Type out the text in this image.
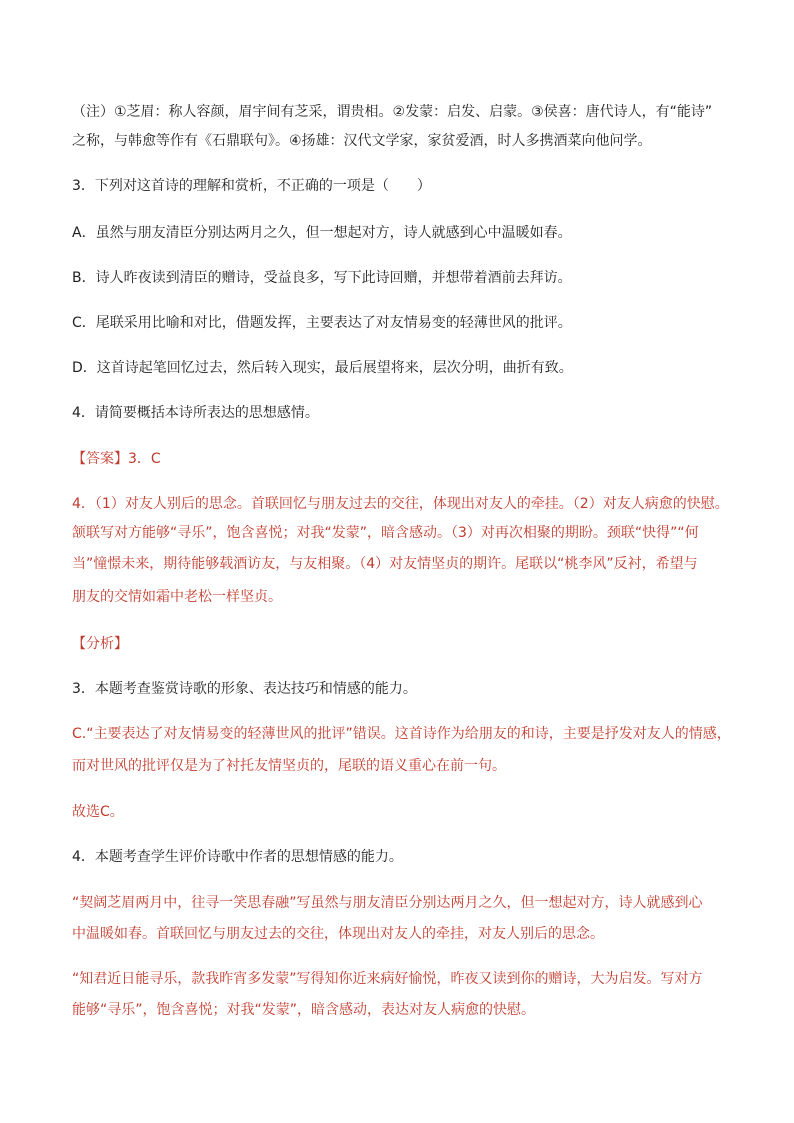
（注）①芝眉：称人容颜，眉宇间有芝采，谓贵相。②发蒙：启发、启蒙。③侯喜：唐代诗人，有“能诗”

之称，与韩愈等作有《石鼎联句》。④扬雄：汉代文学家，家贫爱酒，时人多携酒菜向他问学。

3．下列对这首诗的理解和赏析，不正确的一项是（　　）

A．虽然与朋友清臣分别达两月之久，但一想起对方，诗人就感到心中温暖如春。

B．诗人昨夜读到清臣的赠诗，受益良多，写下此诗回赠，并想带着酒前去拜访。

C．尾联采用比喻和对比，借题发挥，主要表达了对友情易变的轻薄世风的批评。

D．这首诗起笔回忆过去，然后转入现实，最后展望将来，层次分明，曲折有致。

4．请简要概括本诗所表达的思想感情。

【答案】3．C

4．（1）对友人别后的思念。首联回忆与朋友过去的交往，体现出对友人的牵挂。（2）对友人病愈的快慰。

颔联写对方能够“寻乐”，饱含喜悦；对我“发蒙”，暗含感动。（3）对再次相聚的期盼。颈联“快得”“何

当”憧憬未来，期待能够载酒访友，与友相聚。（4）对友情坚贞的期许。尾联以“桃李风”反衬，希望与

朋友的交情如霜中老松一样坚贞。

【分析】

3．本题考查鉴赏诗歌的形象、表达技巧和情感的能力。

C.“主要表达了对友情易变的轻薄世风的批评”错误。这首诗作为给朋友的和诗，主要是抒发对友人的情感，

而对世风的批评仅是为了衬托友情坚贞的，尾联的语义重心在前一句。

故选C。

4．本题考查学生评价诗歌中作者的思想情感的能力。

“契阔芝眉两月中，往寻一笑思春融”写虽然与朋友清臣分别达两月之久，但一想起对方，诗人就感到心

中温暖如春。首联回忆与朋友过去的交往，体现出对友人的牵挂，对友人别后的思念。

“知君近日能寻乐，款我昨宵多发蒙”写得知你近来病好愉悦，昨夜又读到你的赠诗，大为启发。写对方

能够“寻乐”，饱含喜悦；对我“发蒙”，暗含感动，表达对友人病愈的快慰。
